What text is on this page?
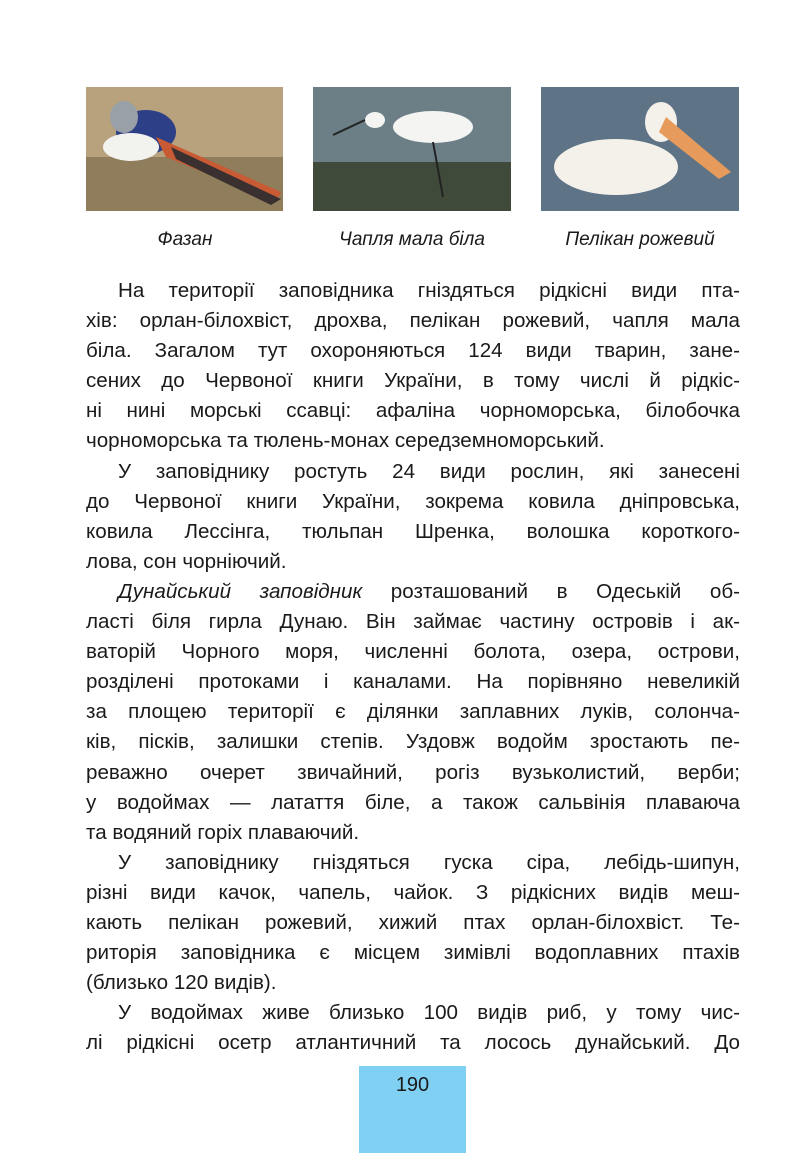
Фазан	Чапля мала біла	Пелікан рожевий
На території заповідника гніздяться рідкісні види пта-
хів: орлан-білохвіст, дрохва, пелікан рожевий, чапля мала
біла. Загалом тут охороняються 124 види тварин, зане-
сених до Червоної книги України, в тому числі й рідкіс-
ні нині морські ссавці: афаліна чорноморська, білобочка
чорноморська та тюлень-монах середземноморський.
У заповіднику ростуть 24 види рослин, які занесені
до Червоної книги України, зокрема ковила дніпровська,
ковила Лессінга, тюльпан Шренка, волошка короткого-
лова, сон чорніючий.
Дунайський заповідник розташований в Одеській об-
ласті біля гирла Дунаю. Він займає частину островів і ак-
ваторій Чорного моря, численні болота, озера, острови,
розділені протоками і каналами. На порівняно невеликій
за площею території є ділянки заплавних луків, солонча-
ків, пісків, залишки степів. Уздовж водойм зростають пе-
реважно очерет звичайний, рогіз вузьколистий, верби;
у водоймах — латаття біле, а також сальвінія плаваюча
та водяний горіх плаваючий.
У заповіднику гніздяться гуска сіра, лебідь-шипун,
різні види качок, чапель, чайок. З рідкісних видів меш-
кають пелікан рожевий, хижий птах орлан-білохвіст. Те-
риторія заповідника є місцем зимівлі водоплавних птахів
(близько 120 видів).
У водоймах живе близько 100 видів риб, у тому чис-
лі рідкісні осетр атлантичний та лосось дунайський. До
190
